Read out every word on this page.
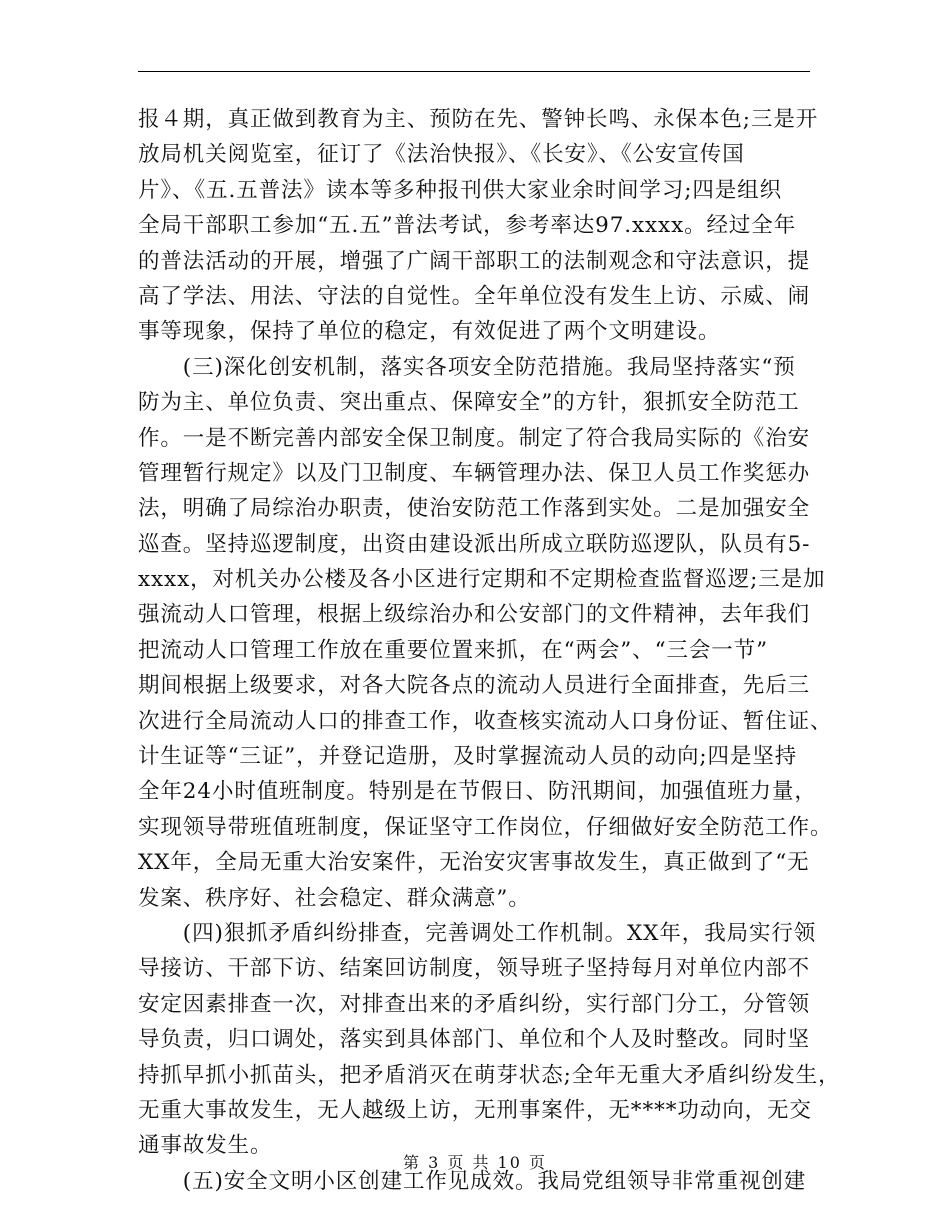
报４期，真正做到教育为主、预防在先、警钟长鸣、永保本色;三是开
放局机关阅览室，征订了《法治快报》、《长安》、《公安宣传国
片》、《五.五普法》读本等多种报刊供大家业余时间学习;四是组织
全局干部职工参加“五.五”普法考试，参考率达97.xxxx。经过全年
的普法活动的开展，增强了广阔干部职工的法制观念和守法意识，提
高了学法、用法、守法的自觉性。全年单位没有发生上访、示威、闹
事等现象，保持了单位的稳定，有效促进了两个文明建设。
　　(三)深化创安机制，落实各项安全防范措施。我局坚持落实“预
防为主、单位负责、突出重点、保障安全”的方针，狠抓安全防范工
作。一是不断完善内部安全保卫制度。制定了符合我局实际的《治安
管理暂行规定》以及门卫制度、车辆管理办法、保卫人员工作奖惩办
法，明确了局综治办职责，使治安防范工作落到实处。二是加强安全
巡查。坚持巡逻制度，出资由建设派出所成立联防巡逻队，队员有5-
xxxx，对机关办公楼及各小区进行定期和不定期检查监督巡逻;三是加
强流动人口管理，根据上级综治办和公安部门的文件精神，去年我们
把流动人口管理工作放在重要位置来抓，在“两会”、“三会一节”
期间根据上级要求，对各大院各点的流动人员进行全面排查，先后三
次进行全局流动人口的排查工作，收查核实流动人口身份证、暂住证、
计生证等“三证”，并登记造册，及时掌握流动人员的动向;四是坚持
全年24小时值班制度。特别是在节假日、防汛期间，加强值班力量，
实现领导带班值班制度，保证坚守工作岗位，仔细做好安全防范工作。
XX年，全局无重大治安案件，无治安灾害事故发生，真正做到了“无
发案、秩序好、社会稳定、群众满意”。
　　(四)狠抓矛盾纠纷排查，完善调处工作机制。XX年，我局实行领
导接访、干部下访、结案回访制度，领导班子坚持每月对单位内部不
安定因素排查一次，对排查出来的矛盾纠纷，实行部门分工，分管领
导负责，归口调处，落实到具体部门、单位和个人及时整改。同时坚
持抓早抓小抓苗头，把矛盾消灭在萌芽状态;全年无重大矛盾纠纷发生，
无重大事故发生，无人越级上访，无刑事案件，无****功动向，无交
通事故发生。
　　(五)安全文明小区创建工作见成效。我局党组领导非常重视创建
第 3 页 共 10 页
